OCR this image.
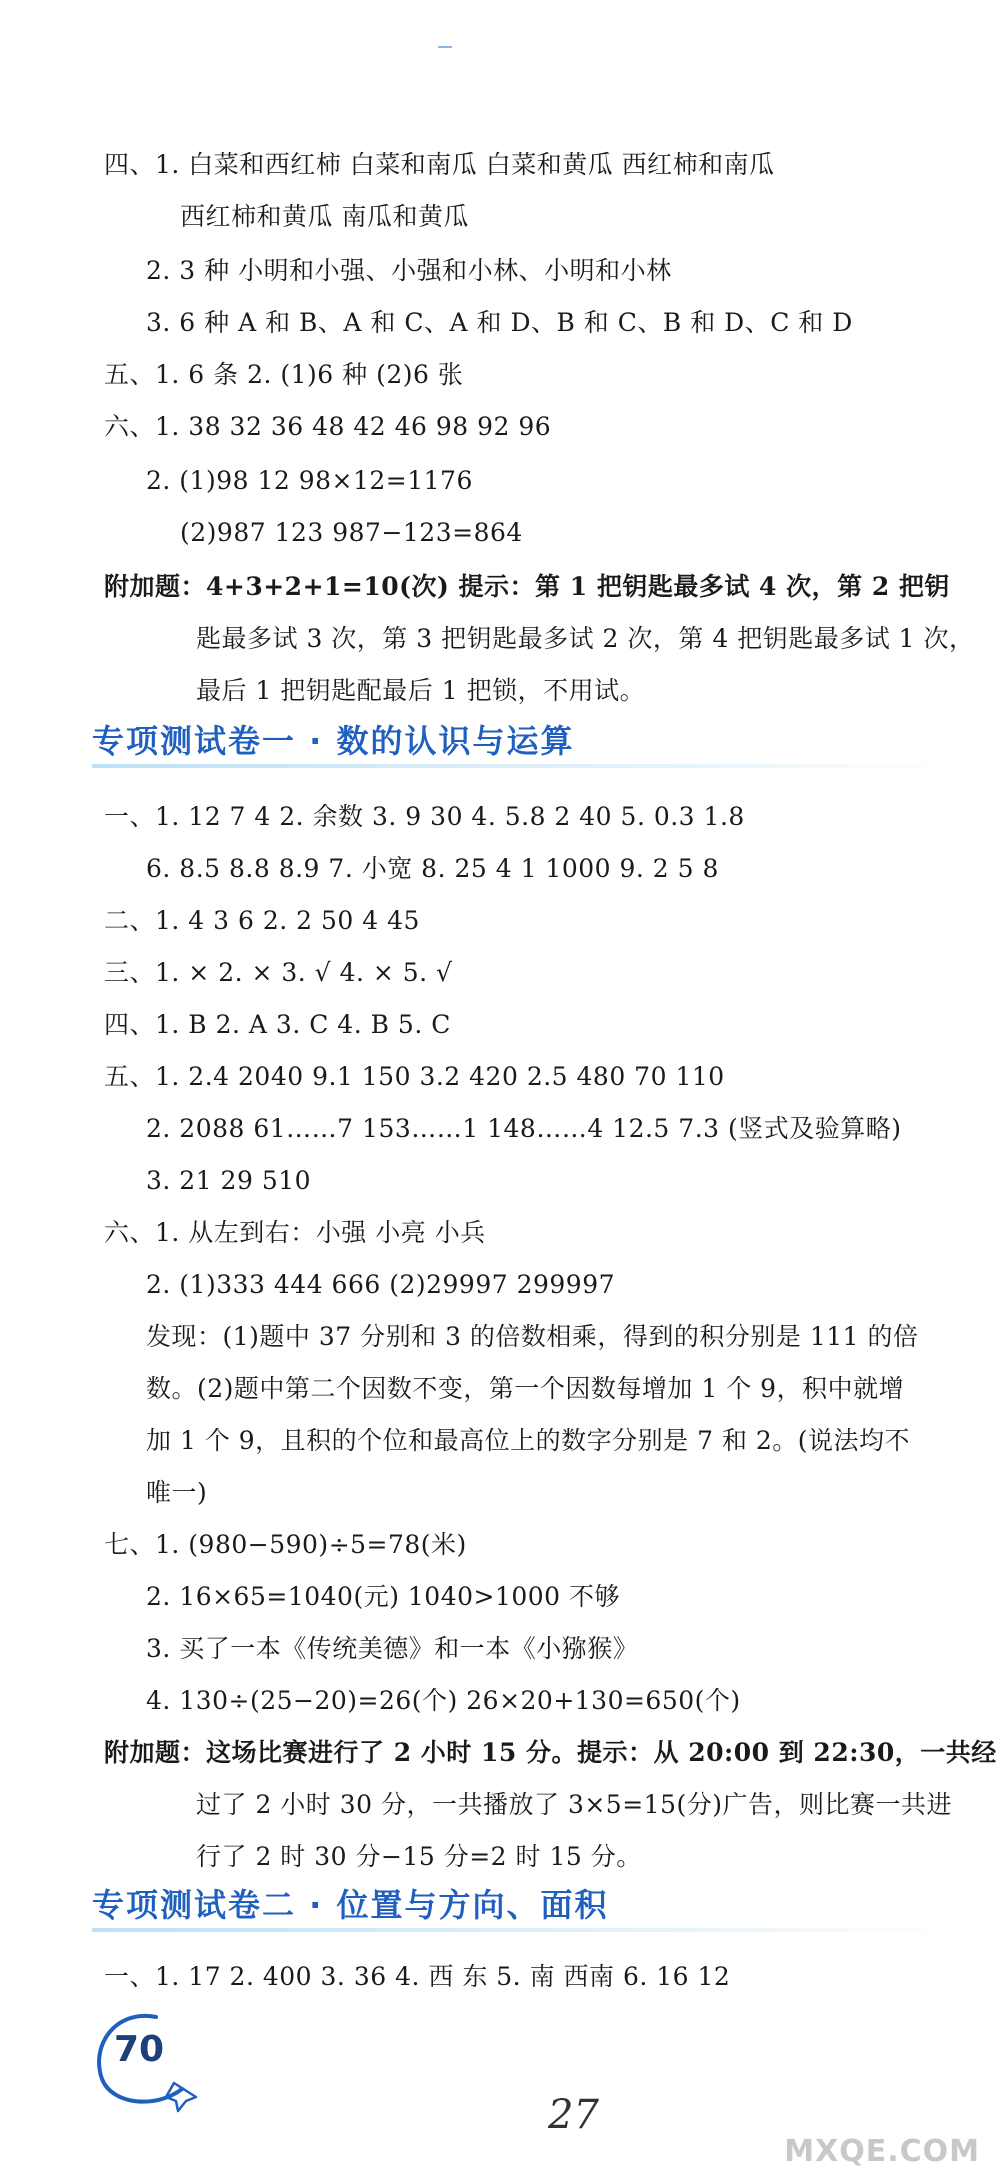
四、1. 白菜和西红柿 白菜和南瓜 白菜和黄瓜 西红柿和南瓜
西红柿和黄瓜 南瓜和黄瓜
2. 3 种 小明和小强、小强和小林、小明和小林
3. 6 种 A 和 B、A 和 C、A 和 D、B 和 C、B 和 D、C 和 D
五、1. 6 条 2. (1)6 种 (2)6 张
六、1. 38 32 36 48 42 46 98 92 96
2. (1)98 12 98×12=1176
(2)987 123 987−123=864
附加题：4+3+2+1=10(次) 提示：第 1 把钥匙最多试 4 次，第 2 把钥
匙最多试 3 次，第 3 把钥匙最多试 2 次，第 4 把钥匙最多试 1 次，
最后 1 把钥匙配最后 1 把锁，不用试。
专项测试卷一 · 数的认识与运算
一、1. 12 7 4 2. 余数 3. 9 30 4. 5.8 2 40 5. 0.3 1.8
6. 8.5 8.8 8.9 7. 小宽 8. 25 4 1 1000 9. 2 5 8
二、1. 4 3 6 2. 2 50 4 45
三、1. × 2. × 3. √ 4. × 5. √
四、1. B 2. A 3. C 4. B 5. C
五、1. 2.4 2040 9.1 150 3.2 420 2.5 480 70 110
2. 2088 61……7 153……1 148……4 12.5 7.3 (竖式及验算略)
3. 21 29 510
六、1. 从左到右：小强 小亮 小兵
2. (1)333 444 666 (2)29997 299997
发现：(1)题中 37 分别和 3 的倍数相乘，得到的积分别是 111 的倍
数。(2)题中第二个因数不变，第一个因数每增加 1 个 9，积中就增
加 1 个 9，且积的个位和最高位上的数字分别是 7 和 2。(说法均不
唯一)
七、1. (980−590)÷5=78(米)
2. 16×65=1040(元) 1040>1000 不够
3. 买了一本《传统美德》和一本《小猕猴》
4. 130÷(25−20)=26(个) 26×20+130=650(个)
附加题：这场比赛进行了 2 小时 15 分。提示：从 20:00 到 22:30，一共经
过了 2 小时 30 分，一共播放了 3×5=15(分)广告，则比赛一共进
行了 2 时 30 分−15 分=2 时 15 分。
专项测试卷二 · 位置与方向、面积
一、1. 17 2. 400 3. 36 4. 西 东 5. 南 西南 6. 16 12
70
27
MXQE.COM
